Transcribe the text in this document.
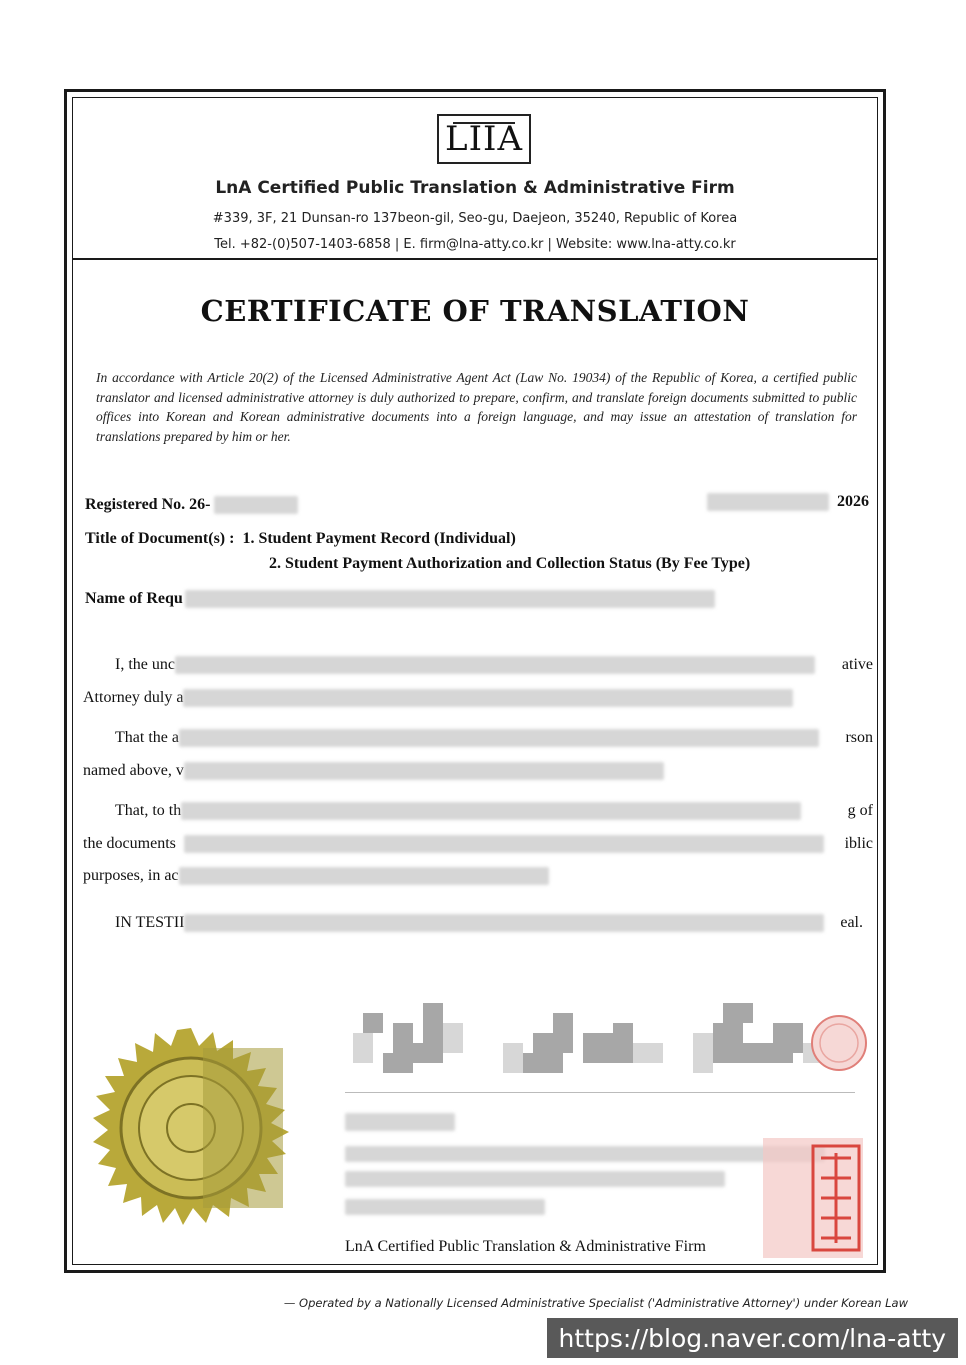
LIIA
LnA Certified Public Translation & Administrative Firm
#339, 3F, 21 Dunsan-ro 137beon-gil, Seo-gu, Daejeon, 35240, Republic of Korea
Tel. +82-(0)507-1403-6858 | E. firm@lna-atty.co.kr | Website: www.lna-atty.co.kr
CERTIFICATE OF TRANSLATION
In accordance with Article 20(2) of the Licensed Administrative Agent Act (Law No. 19034) of the Republic of Korea, a certified public translator and licensed administrative attorney is duly authorized to prepare, confirm, and translate foreign documents submitted to public offices into Korean and Korean administrative documents into a foreign language, and may issue an attestation of translation for translations prepared by him or her.
Registered No. 26-	2026
Title of Document(s) : 1. Student Payment Record (Individual)
2. Student Payment Authorization and Collection Status (By Fee Type)
Name of Requ
I, the unc	ative
Attorney duly a
That the a	rson
named above, v
That, to th	g of
the documents	iblic
purposes, in ac
IN TESTII	eal.
LnA Certified Public Translation & Administrative Firm
— Operated by a Nationally Licensed Administrative Specialist ('Administrative Attorney') under Korean Law
https://blog.naver.com/lna-atty
